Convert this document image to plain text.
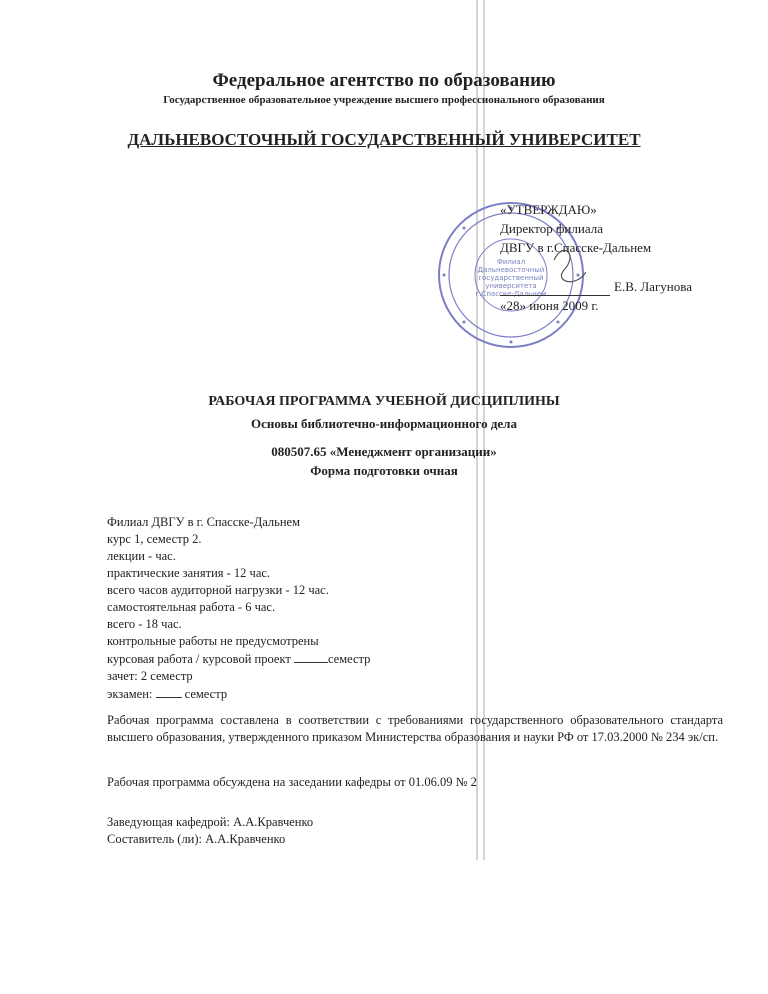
Федеральное агентство по образованию
Государственное образовательное учреждение высшего профессионального образования
ДАЛЬНЕВОСТОЧНЫЙ ГОСУДАРСТВЕННЫЙ УНИВЕРСИТЕТ
Филиал
Дальневосточный
государственный
университета
г.Спасске-Дальнем
«УТВЕРЖДАЮ»
Директор филиала
ДВГУ в г.Спасске-Дальнем
Е.В. Лагунова
«28» июня 2009 г.
РАБОЧАЯ ПРОГРАММА УЧЕБНОЙ ДИСЦИПЛИНЫ
Основы библиотечно-информационного дела
080507.65 «Менеджмент организации»
Форма подготовки очная
Филиал ДВГУ в г. Спасске-Дальнем
курс 1, семестр 2.
лекции - час.
практические занятия - 12 час.
всего часов аудиторной нагрузки - 12 час.
самостоятельная работа - 6 час.
всего - 18 час.
контрольные работы не предусмотрены
курсовая работа / курсовой проект	семестр
зачет: 2 семестр
экзамен:	семестр
Рабочая программа составлена в соответствии с требованиями государственного образовательного стандарта высшего образования, утвержденного приказом Министерства образования и науки РФ от 17.03.2000 № 234 эк/сп.
Рабочая программа обсуждена на заседании кафедры от 01.06.09 № 2
Заведующая кафедрой: А.А.Кравченко
Составитель (ли): А.А.Кравченко
